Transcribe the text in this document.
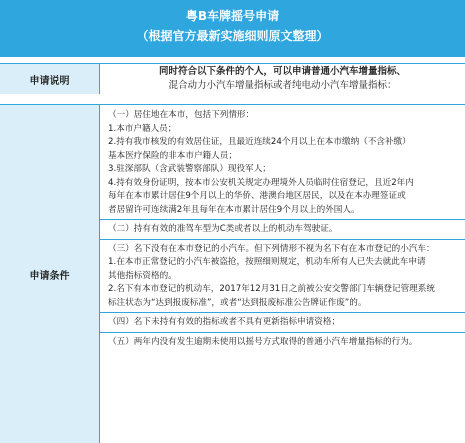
粤B车牌摇号申请
（根据官方最新实施细则原文整理）
申请说明
同时符合以下条件的个人，可以申请普通小汽车增量指标、
混合动力小汽车增量指标或者纯电动小汽车增量指标：
申请条件
（一）居住地在本市，包括下列情形：
1.本市户籍人员；
2.持有我市核发的有效居住证，且最近连续24个月以上在本市缴纳（不含补缴）
基本医疗保险的非本市户籍人员；
3.驻深部队（含武装警察部队）现役军人；
4.持有效身份证明，按本市公安机关规定办理境外人员临时住宿登记，且近2年内
每年在本市累计居住9个月以上的华侨、港澳台地区居民，以及在本办理签证或
者居留许可连续满2年且每年在本市累计居住9个月以上的外国人。
（二）持有有效的准驾车型为C类或者以上的机动车驾驶证。
（三）名下没有在本市登记的小汽车。但下列情形不视为名下有在本市登记的小汽车：
1.在本市正常登记的小汽车被盗抢，按照细则规定，机动车所有人已失去就此车申请
其他指标资格的。
2.名下有本市登记的机动车，2017年12月31日之前被公安交警部门车辆登记管理系统
标注状态为“达到报废标准”，或者“达到报废标准公告牌证作废”的。
（四）名下未持有有效的指标或者不具有更新指标申请资格；
（五）两年内没有发生逾期未使用以摇号方式取得的普通小汽车增量指标的行为。
